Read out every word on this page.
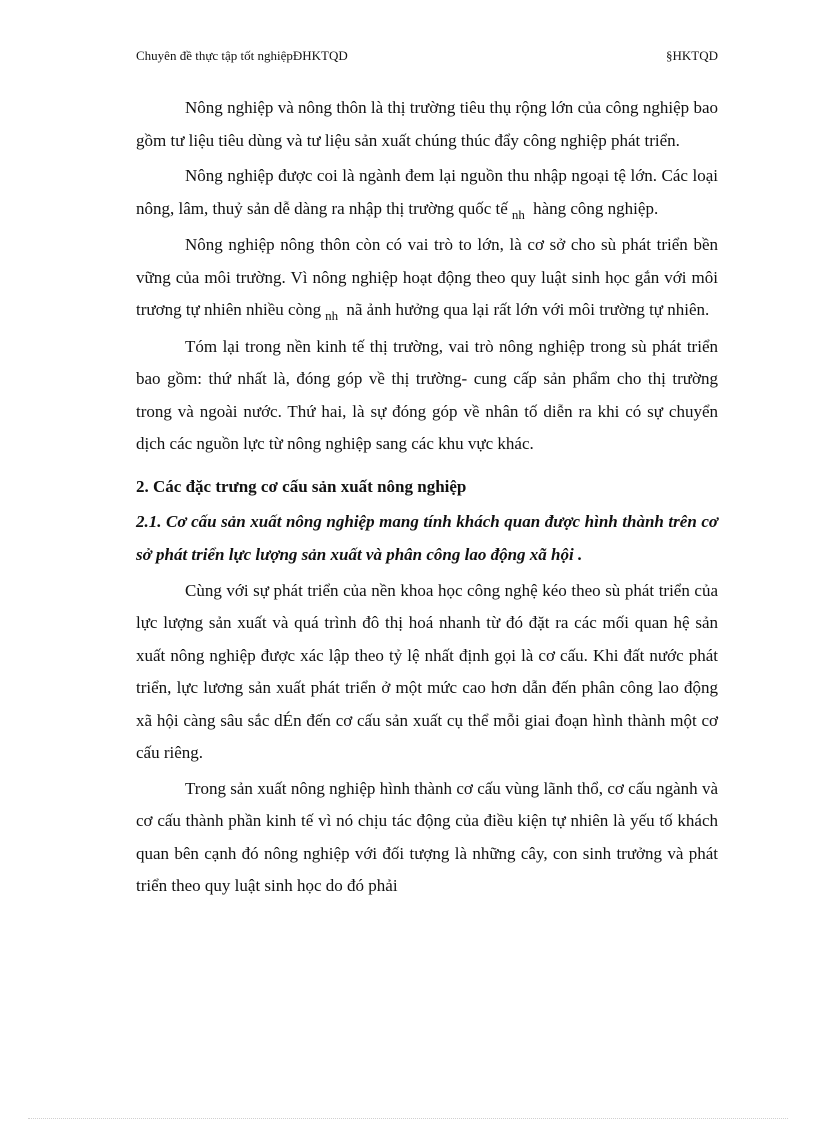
Chuyên đề thực tập tốt nghiệpĐHKTQD	§HKTQD

Nông nghiệp và nông thôn là thị trường tiêu thụ rộng lớn của công nghiệp bao gồm tư liệu tiêu dùng và tư liệu sản xuất chúng thúc đẩy công nghiệp phát triển.

Nông nghiệp được coi là ngành đem lại nguồn thu nhập ngoại tệ lớn. Các loại nông, lâm, thuỷ sản dễ dàng ra nhập thị trường quốc tế $_{nh}$ hàng công nghiệp.

Nông nghiệp nông thôn còn có vai trò to lớn, là cơ sở cho sù phát triển bền vững của môi trường. Vì nông nghiệp hoạt động theo quy luật sinh học gắn với môi trương tự nhiên nhiều còng $_{nh}$ nã ảnh hưởng qua lại rất lớn với môi trường tự nhiên.

Tóm lại trong nền kinh tế thị trường, vai trò nông nghiệp trong sù phát triển bao gồm: thứ nhất là, đóng góp về thị trường- cung cấp sản phẩm cho thị trường trong và ngoài nước. Thứ hai, là sự đóng góp về nhân tố diễn ra khi có sự chuyển dịch các nguồn lực từ nông nghiệp sang các khu vực khác.

2. Các đặc trưng cơ cấu sản xuất nông nghiệp
2.1. Cơ cấu sản xuất nông nghiệp mang tính khách quan được hình thành trên cơ sở phát triển lực lượng sản xuất và phân công lao động xã hội .

Cùng với sự phát triển của nền khoa học công nghệ kéo theo sù phát triển của lực lượng sản xuất và quá trình đô thị hoá nhanh từ đó đặt ra các mối quan hệ sản xuất nông nghiệp được xác lập theo tỷ lệ nhất định gọi là cơ cấu. Khi đất nước phát triển, lực lương sản xuất phát triển ở một mức cao hơn dẫn đến phân công lao động xã hội càng sâu sắc dÉn đến cơ cấu sản xuất cụ thể mỗi giai đoạn hình thành một cơ cấu riêng.

Trong sản xuất nông nghiệp hình thành cơ cấu vùng lãnh thổ, cơ cấu ngành và cơ cấu thành phần kinh tế vì nó chịu tác động của điều kiện tự nhiên là yếu tố khách quan bên cạnh đó nông nghiệp với đối tượng là những cây, con sinh trưởng và phát triển theo quy luật sinh học do đó phải
